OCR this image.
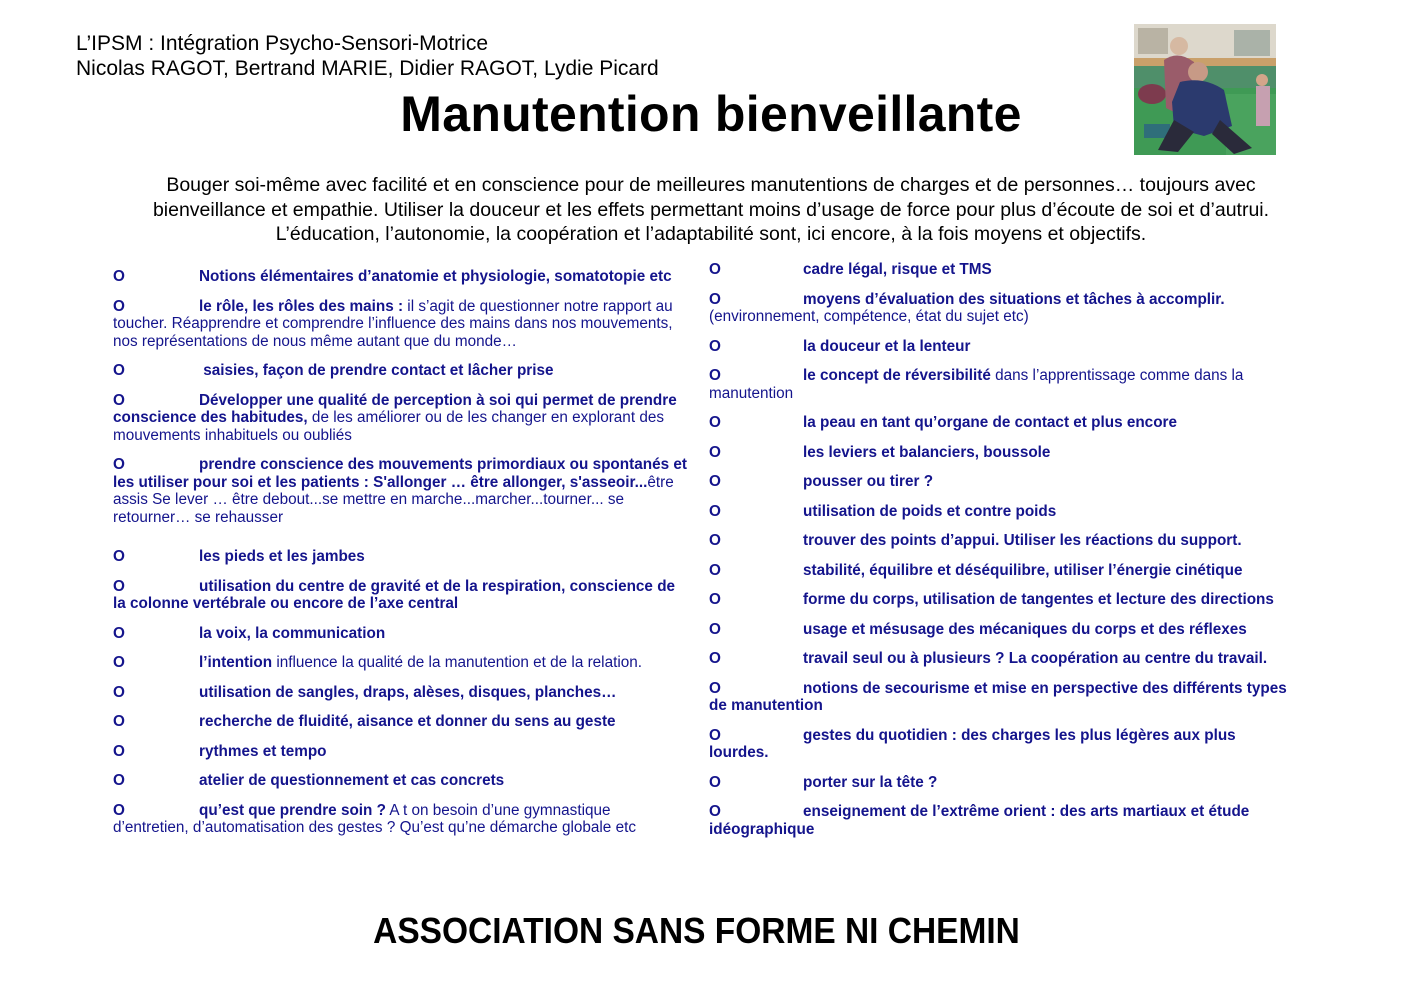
L’IPSM : Intégration Psycho-Sensori-Motrice
Nicolas RAGOT, Bertrand MARIE, Didier RAGOT, Lydie Picard
Manutention bienveillante
Bouger soi-même avec facilité et en conscience pour de meilleures manutentions de charges et de personnes… toujours avec
bienveillance et empathie. Utiliser la douceur et les effets permettant moins d’usage de force pour plus d’écoute de soi et d’autrui.
L’éducation, l’autonomie, la coopération et l’adaptabilité sont, ici encore, à la fois moyens et objectifs.
O	Notions élémentaires d’anatomie et physiologie, somatotopie etc
O	le rôle, les rôles des mains : il s’agit de questionner notre rapport au toucher. Réapprendre et comprendre l’influence des mains dans nos mouvements, nos représentations de nous même autant que du monde…
O	saisies, façon de prendre contact et lâcher prise
O	Développer une qualité de perception à soi qui permet de prendre conscience des habitudes, de les améliorer ou de les changer en explorant des mouvements inhabituels ou oubliés
O	prendre conscience des mouvements primordiaux ou spontanés et les utiliser pour soi et les patients : S'allonger … être allonger, s'asseoir...être assis Se lever … être debout...se mettre en marche...marcher...tourner... se retourner… se rehausser
O	les pieds et les jambes
O	utilisation du centre de gravité et de la respiration, conscience de la colonne vertébrale ou encore de l’axe central
O	la voix, la communication
O	l’intention influence la qualité de la manutention et de la relation.
O	utilisation de sangles, draps, alèses, disques, planches…
O	recherche de fluidité, aisance et donner du sens au geste
O	rythmes et tempo
O	atelier de questionnement et cas concrets
O	qu’est que prendre soin ? A t on besoin d’une gymnastique d’entretien, d’automatisation des gestes ? Qu’est qu’ne démarche globale etc
O	cadre légal, risque et TMS
O	moyens d’évaluation des situations et tâches à accomplir. (environnement, compétence, état du sujet etc)
O	la douceur et la lenteur
O	le concept de réversibilité dans l’apprentissage comme dans la manutention
O	la peau en tant qu’organe de contact et plus encore
O	les leviers et balanciers, boussole
O	pousser ou tirer ?
O	utilisation de poids et contre poids
O	trouver des points d’appui. Utiliser les réactions du support.
O	stabilité, équilibre et déséquilibre, utiliser l’énergie cinétique
O	forme du corps, utilisation de tangentes et lecture des directions
O	usage et mésusage des mécaniques du corps et des réflexes
O	travail seul ou à plusieurs ? La coopération au centre du travail.
O	notions de secourisme et mise en perspective des différents types de manutention
O	gestes du quotidien : des charges les plus légères aux plus lourdes.
O	porter sur la tête ?
O	enseignement de l’extrême orient : des arts martiaux et étude idéographique
ASSOCIATION SANS FORME NI CHEMIN
